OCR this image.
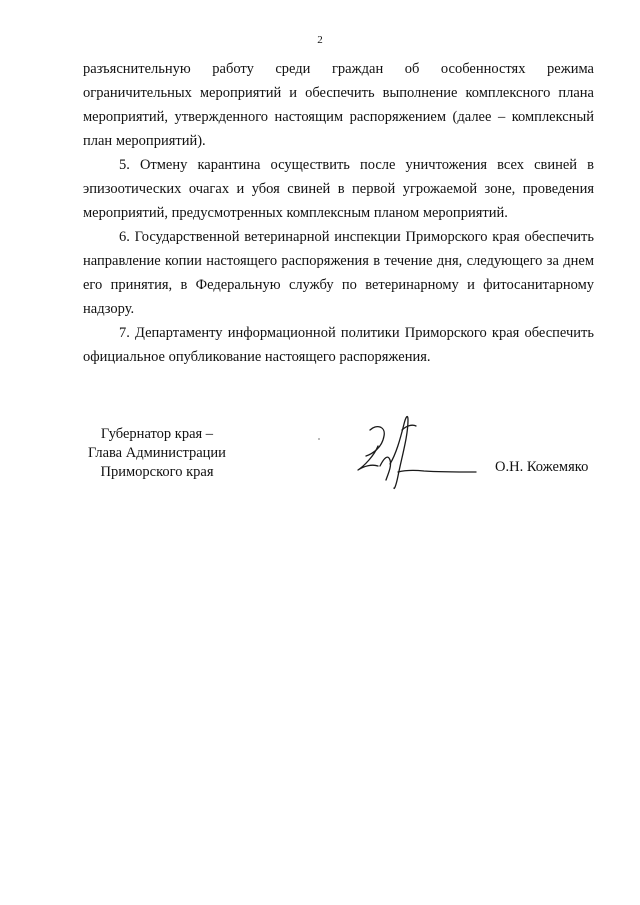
2

разъяснительную работу среди граждан об особенностях режима ограничительных мероприятий и обеспечить выполнение комплексного плана мероприятий, утвержденного настоящим распоряжением (далее – комплексный план мероприятий).

5. Отмену карантина осуществить после уничтожения всех свиней в эпизоотических очагах и убоя свиней в первой угрожаемой зоне, проведения мероприятий, предусмотренных комплексным планом мероприятий.

6. Государственной ветеринарной инспекции Приморского края обеспечить направление копии настоящего распоряжения в течение дня, следующего за днем его принятия, в Федеральную службу по ветеринарному и фитосанитарному надзору.

7. Департаменту информационной политики Приморского края обеспечить официальное опубликование настоящего распоряжения.

Губернатор края –
Глава Администрации
Приморского края	О.Н. Кожемяко
